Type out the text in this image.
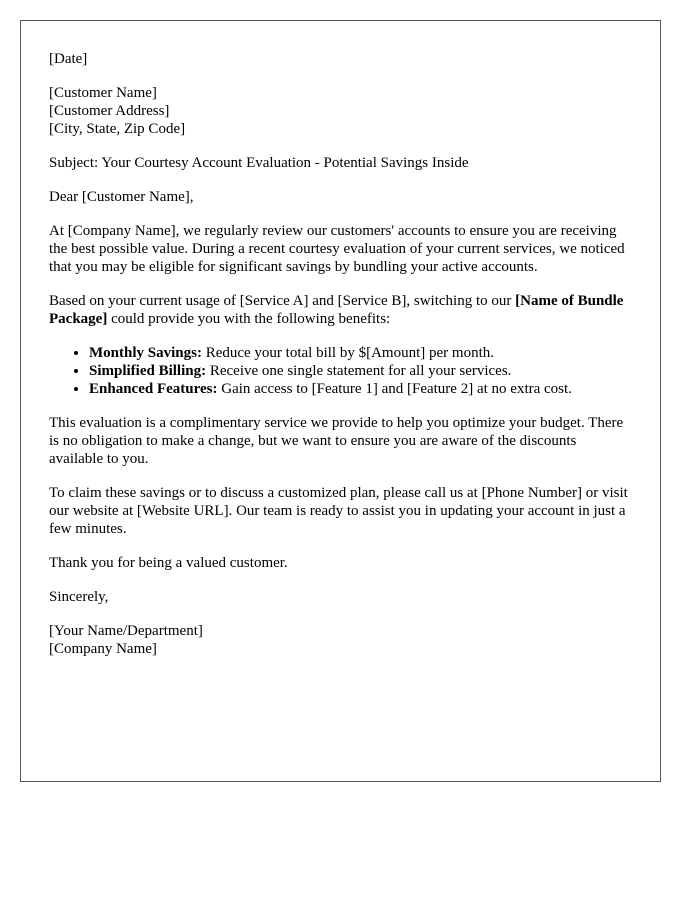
[Date]

[Customer Name]
[Customer Address]
[City, State, Zip Code]

Subject: Your Courtesy Account Evaluation - Potential Savings Inside

Dear [Customer Name],

At [Company Name], we regularly review our customers' accounts to ensure you are receiving the best possible value. During a recent courtesy evaluation of your current services, we noticed that you may be eligible for significant savings by bundling your active accounts.

Based on your current usage of [Service A] and [Service B], switching to our [Name of Bundle Package] could provide you with the following benefits:

• Monthly Savings: Reduce your total bill by $[Amount] per month.
• Simplified Billing: Receive one single statement for all your services.
• Enhanced Features: Gain access to [Feature 1] and [Feature 2] at no extra cost.

This evaluation is a complimentary service we provide to help you optimize your budget. There is no obligation to make a change, but we want to ensure you are aware of the discounts available to you.

To claim these savings or to discuss a customized plan, please call us at [Phone Number] or visit our website at [Website URL]. Our team is ready to assist you in updating your account in just a few minutes.

Thank you for being a valued customer.

Sincerely,

[Your Name/Department]
[Company Name]
